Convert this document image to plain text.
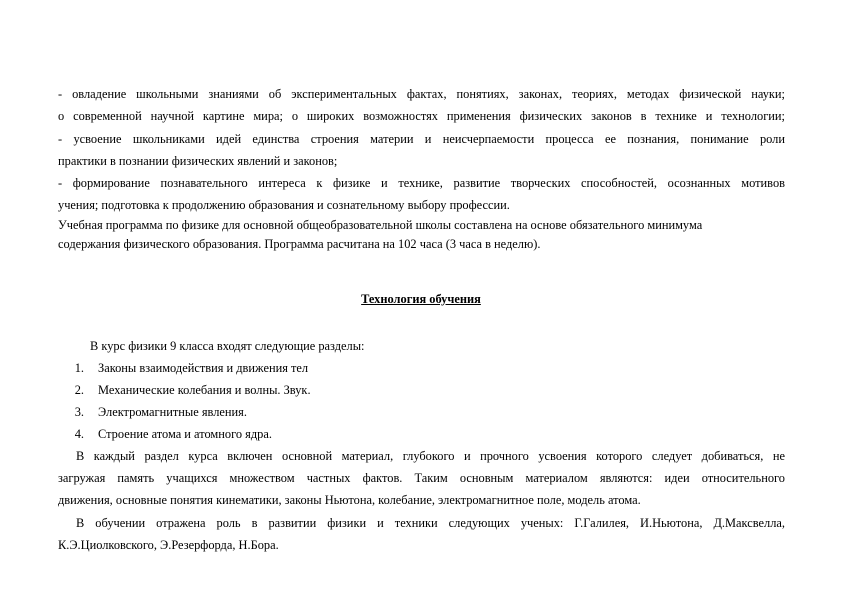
- овладение школьными знаниями об экспериментальных фактах, понятиях, законах, теориях, методах физической науки;
о современной научной картине мира; о широких возможностях применения физических законов в технике и технологии;
- усвоение школьниками идей единства строения материи и неисчерпаемости процесса ее познания, понимание роли
практики в познании физических явлений и законов;
- формирование познавательного интереса к физике и технике, развитие творческих способностей, осознанных мотивов
учения; подготовка к продолжению образования и сознательному выбору профессии.
Учебная программа по физике для основной общеобразовательной школы составлена на основе обязательного минимума
содержания физического образования. Программа расчитана на 102 часа (3 часа в неделю).
Технология обучения
В курс физики 9 класса входят следующие разделы:
1. Законы взаимодействия и движения тел
2. Механические колебания и волны. Звук.
3. Электромагнитные явления.
4. Строение атома и атомного ядра.
В каждый раздел курса включен основной материал, глубокого и прочного усвоения которого следует добиваться, не
загружая память учащихся множеством частных фактов. Таким основным материалом являются: идеи относительного
движения, основные понятия кинематики, законы Ньютона, колебание, электромагнитное поле, модель атома.
В обучении отражена роль в развитии физики и техники следующих ученых: Г.Галилея, И.Ньютона, Д.Максвелла,
К.Э.Циолковского, Э.Резерфорда, Н.Бора.
